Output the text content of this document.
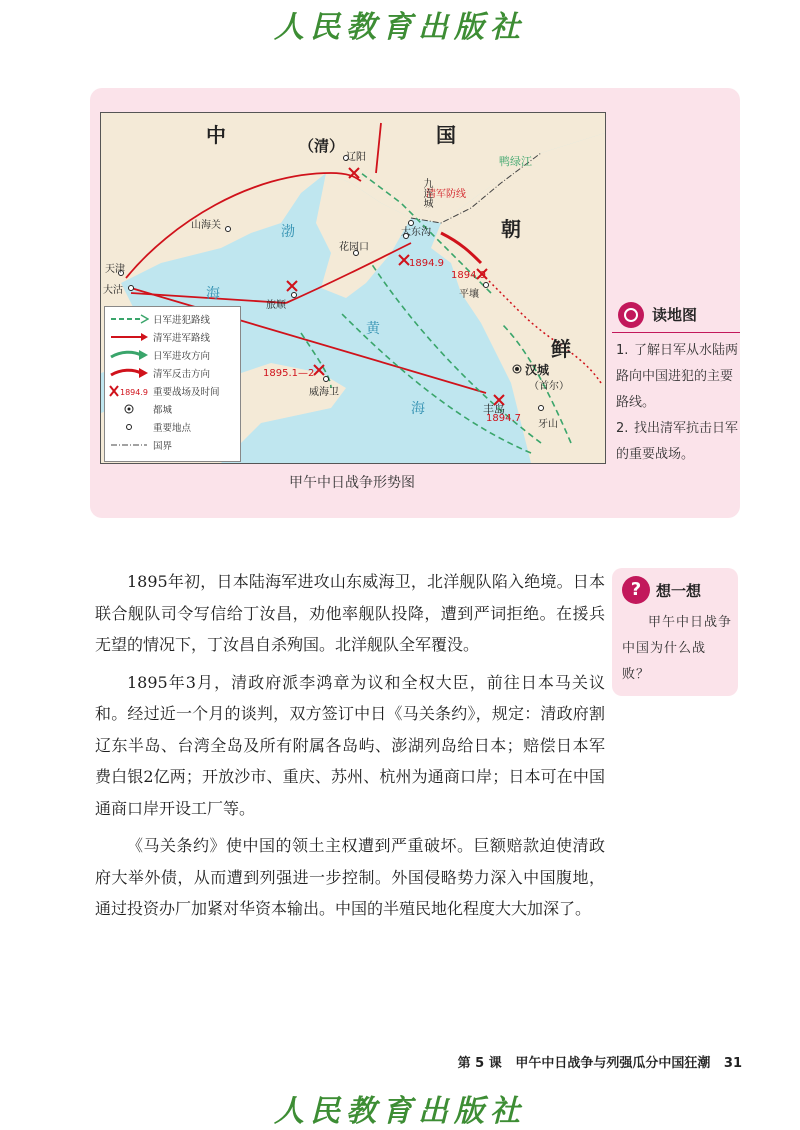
人民教育出版社
中	国
（清）
朝
鲜
渤
海
黄
海
鸭绿江
清军防线
辽阳
九连城
山海关
大东沟
花园口
天津
大沽
旅顺
平壤
威海卫
汉城
（首尔）
丰岛
牙山
1894.9
1894.9
1895.1—2
1894.7
日军进犯路线
清军进军路线
日军进攻方向
清军反击方向
1894.9 重要战场及时间
都城
重要地点
国界
甲午中日战争形势图
读地图
1. 了解日军从水陆两路向中国进犯的主要路线。
2. 找出清军抗击日军的重要战场。
? 想一想
甲午中日战争中国为什么战败？

1895年初，日本陆海军进攻山东威海卫，北洋舰队陷入绝境。日本联合舰队司令写信给丁汝昌，劝他率舰队投降，遭到严词拒绝。在援兵无望的情况下，丁汝昌自杀殉国。北洋舰队全军覆没。

1895年3月，清政府派李鸿章为议和全权大臣，前往日本马关议和。经过近一个月的谈判，双方签订中日《马关条约》，规定：清政府割辽东半岛、台湾全岛及所有附属各岛屿、澎湖列岛给日本；赔偿日本军费白银2亿两；开放沙市、重庆、苏州、杭州为通商口岸；日本可在中国通商口岸开设工厂等。

《马关条约》使中国的领土主权遭到严重破坏。巨额赔款迫使清政府大举外债，从而遭到列强进一步控制。外国侵略势力深入中国腹地，通过投资办厂加紧对华资本输出。中国的半殖民地化程度大大加深了。

第 5 课 甲午中日战争与列强瓜分中国狂潮 31
人民教育出版社
